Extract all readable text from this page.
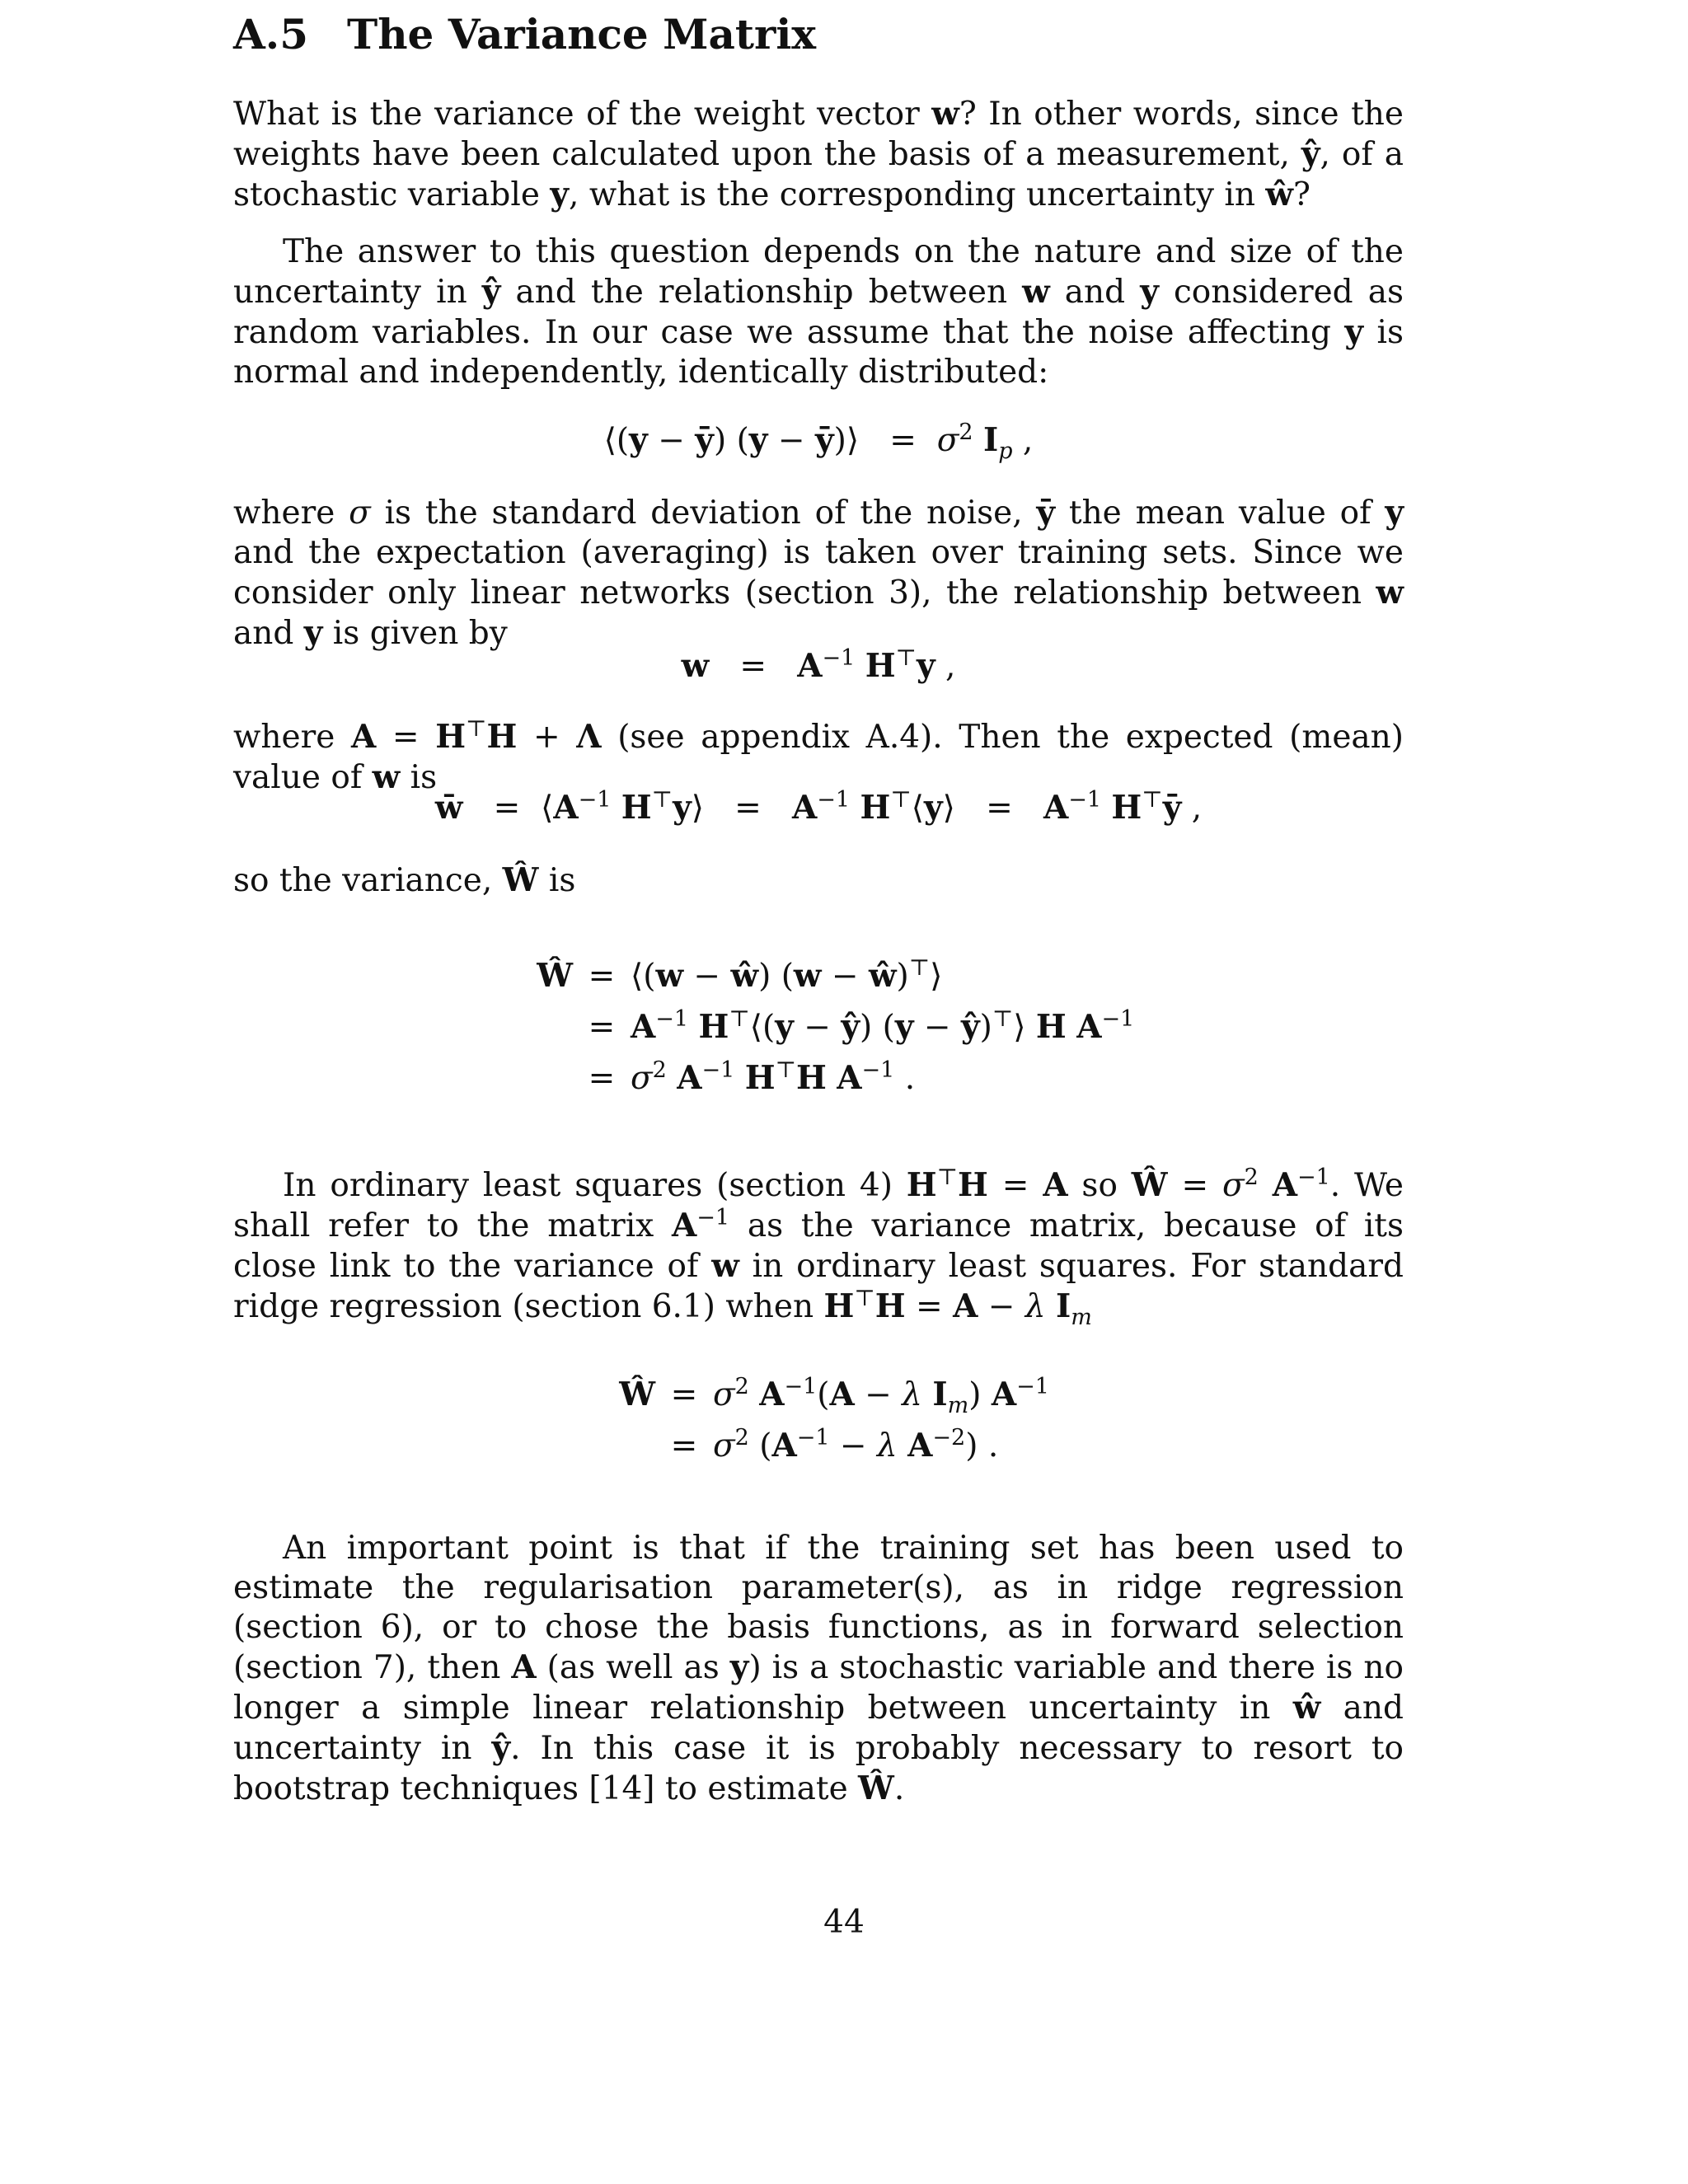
A.5 The Variance Matrix
What is the variance of the weight vector w? In other words, since the weights have been calculated upon the basis of a measurement, ŷ, of a stochastic variable y, what is the corresponding uncertainty in ŵ?
The answer to this question depends on the nature and size of the uncertainty in ŷ and the relationship between w and y considered as random variables. In our case we assume that the noise affecting y is normal and independently, identically distributed:
⟨(y − ȳ) (y − ȳ)⟩   =  $\sigma^2$ $I_p$ ,
where σ is the standard deviation of the noise, ȳ the mean value of y and the expectation (averaging) is taken over training sets. Since we consider only linear networks (section 3), the relationship between w and y is given by
$w = A^{-1}$ H⊤y ,
where A = H⊤H + Λ (see appendix A.4). Then the expected (mean) value of w is
w̄   =  $⟨A^{-1}$ H⊤y⟩   =   $A^{-1}$ H⊤⟨y⟩   =   $A^{-1}$ H⊤ȳ ,
so the variance, Ŵ is
Ŵ = ⟨(w − ŵ) (w − ŵ)⊤⟩
= $A^{-1}$ H⊤⟨(y − ŷ) (y − ŷ)⊤⟩ H $A^{-1}$
= $\sigma^2$ $A^{-1}$ H⊤H $A^{-1}$ .
In ordinary least squares (section 4) H⊤H = A so Ŵ = $\sigma^2$ $A^{-1}$. We shall refer to the matrix $A^{-1}$ as the variance matrix, because of its close link to the variance of w in ordinary least squares. For standard ridge regression (section 6.1) when H⊤H = A − λ $I_m$
Ŵ = $\sigma^2$ $A^{-1}(A - \lambda$ $I_m$) $A^{-1}$
= $\sigma^2$ ($A^{-1} - \lambda$ $A^{-2}$) .
An important point is that if the training set has been used to estimate the regularisation parameter(s), as in ridge regression (section 6), or to chose the basis functions, as in forward selection (section 7), then A (as well as y) is a stochastic variable and there is no longer a simple linear relationship between uncertainty in ŵ and uncertainty in ŷ. In this case it is probably necessary to resort to bootstrap techniques [14] to estimate Ŵ.
44
